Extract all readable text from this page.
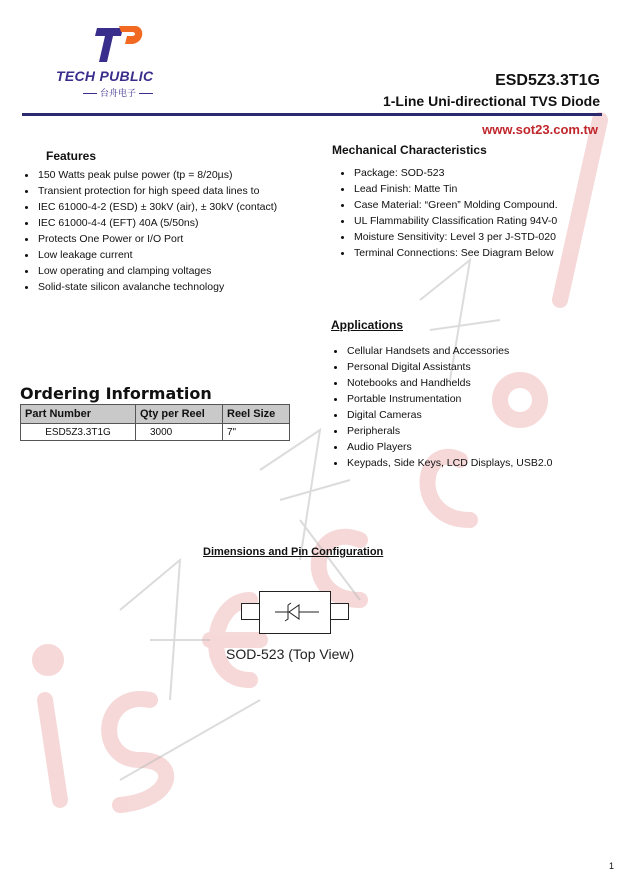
TECH PUBLIC
台舟电子
ESD5Z3.3T1G
1-Line Uni-directional TVS Diode
www.sot23.com.tw
Features
150 Watts peak pulse power (tp = 8/20µs)
Transient protection for high speed data lines to
IEC 61000-4-2 (ESD) ± 30kV (air), ± 30kV (contact)
IEC 61000-4-4 (EFT) 40A (5/50ns)
Protects One Power or I/O Port
Low leakage current
Low operating and clamping voltages
Solid-state silicon avalanche technology
Mechanical Characteristics
Package: SOD-523
Lead Finish: Matte Tin
Case Material: “Green” Molding Compound.
UL Flammability Classification Rating 94V-0
Moisture Sensitivity: Level 3 per J-STD-020
Terminal Connections: See Diagram Below
Applications
Cellular Handsets and Accessories
Personal Digital Assistants
Notebooks and Handhelds
Portable Instrumentation
Digital Cameras
Peripherals
Audio Players
Keypads, Side Keys, LCD Displays, USB2.0
Ordering Information
Part Number	Qty per Reel	Reel Size
ESD5Z3.3T1G	3000	7"
Dimensions and Pin Configuration
SOD-523 (Top View)
1
